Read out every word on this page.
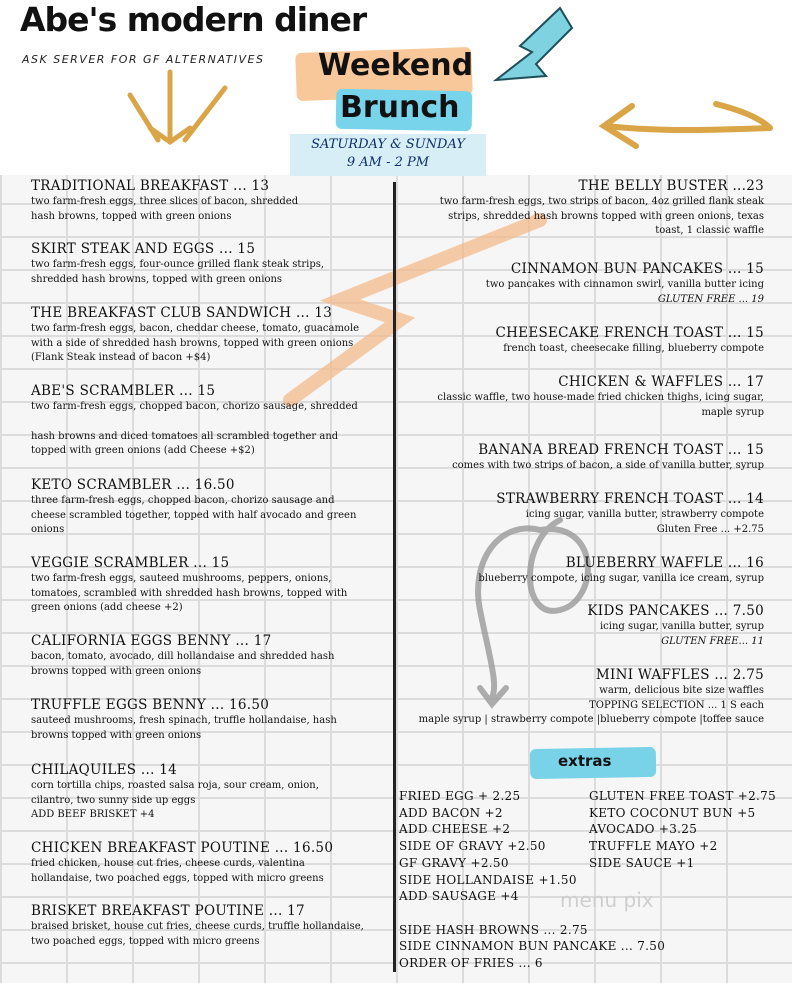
Abe's modern diner
ASK SERVER FOR GF ALTERNATIVES Weekend
Brunch
SATURDAY & SUNDAY
9 AM - 2 PM
TRADITIONAL BREAKFAST ... 13
two farm-fresh eggs, three slices of bacon, shredded
hash browns, topped with green onions
SKIRT STEAK AND EGGS ... 15
two farm-fresh eggs, four-ounce grilled flank steak strips,
shredded hash browns, topped with green onions
THE BREAKFAST CLUB SANDWICH ... 13
two farm-fresh eggs, bacon, cheddar cheese, tomato, guacamole
with a side of shredded hash browns, topped with green onions
(Flank Steak instead of bacon +$4)
ABE'S SCRAMBLER ... 15
two farm-fresh eggs, chopped bacon, chorizo sausage, shredded
hash browns and diced tomatoes all scrambled together and
topped with green onions (add Cheese +$2)
KETO SCRAMBLER ... 16.50
three farm-fresh eggs, chopped bacon, chorizo sausage and
cheese scrambled together, topped with half avocado and green
onions
VEGGIE SCRAMBLER ... 15
two farm-fresh eggs, sauteed mushrooms, peppers, onions,
tomatoes, scrambled with shredded hash browns, topped with
green onions (add cheese +2)
CALIFORNIA EGGS BENNY ... 17
bacon, tomato, avocado, dill hollandaise and shredded hash
browns topped with green onions
TRUFFLE EGGS BENNY ... 16.50
sauteed mushrooms, fresh spinach, truffle hollandaise, hash
browns topped with green onions
CHILAQUILES ... 14
corn tortilla chips, roasted salsa roja, sour cream, onion,
cilantro, two sunny side up eggs
ADD BEEF BRISKET +4
CHICKEN BREAKFAST POUTINE ... 16.50
fried chicken, house cut fries, cheese curds, valentina
hollandaise, two poached eggs, topped with micro greens
BRISKET BREAKFAST POUTINE ... 17
braised brisket, house cut fries, cheese curds, truffle hollandaise,
two poached eggs, topped with micro greens
THE BELLY BUSTER ...23
two farm-fresh eggs, two strips of bacon, 4oz grilled flank steak
strips, shredded hash browns topped with green onions, texas
toast, 1 classic waffle
CINNAMON BUN PANCAKES ... 15
two pancakes with cinnamon swirl, vanilla butter icing
GLUTEN FREE ... 19
CHEESECAKE FRENCH TOAST ... 15
french toast, cheesecake filling, blueberry compote
CHICKEN & WAFFLES ... 17
classic waffle, two house-made fried chicken thighs, icing sugar,
maple syrup
BANANA BREAD FRENCH TOAST ... 15
comes with two strips of bacon, a side of vanilla butter, syrup
STRAWBERRY FRENCH TOAST ... 14
icing sugar, vanilla butter, strawberry compote
Gluten Free ... +2.75
BLUEBERRY WAFFLE ... 16
blueberry compote, icing sugar, vanilla ice cream, syrup
KIDS PANCAKES ... 7.50
icing sugar, vanilla butter, syrup
GLUTEN FREE... 11
MINI WAFFLES ... 2.75
warm, delicious bite size waffles
TOPPING SELECTION ... 1 S each
maple syrup | strawberry compote |blueberry compote |toffee sauce
extras
FRIED EGG + 2.25
ADD BACON +2
ADD CHEESE +2
SIDE OF GRAVY +2.50
GF GRAVY +2.50
SIDE HOLLANDAISE +1.50
ADD SAUSAGE +4
SIDE HASH BROWNS ... 2.75
SIDE CINNAMON BUN PANCAKE ... 7.50
ORDER OF FRIES ... 6
GLUTEN FREE TOAST +2.75
KETO COCONUT BUN +5
AVOCADO +3.25
TRUFFLE MAYO +2
SIDE SAUCE +1
menu pix
